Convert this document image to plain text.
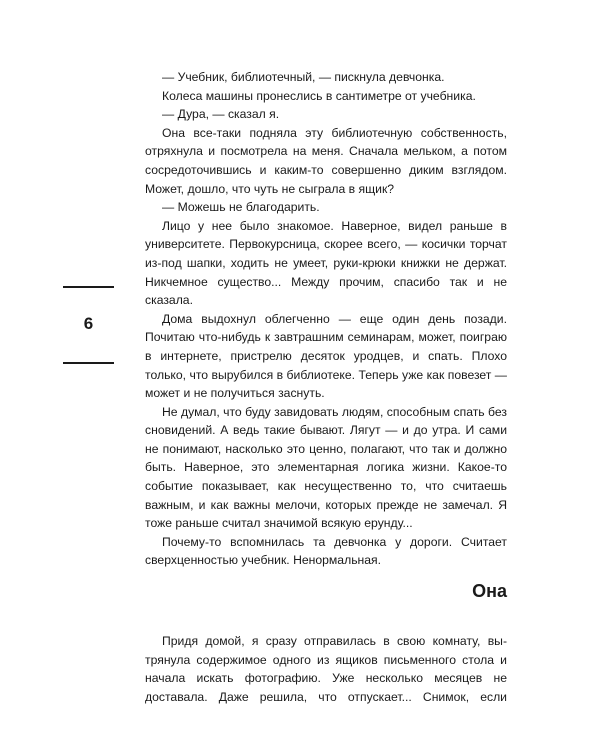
— Учебник, библиотечный, — пискнула девчонка.

Колеса машины пронеслись в сантиметре от учебника.

— Дура, — сказал я.

Она все-таки подняла эту библиотечную собственность, отряхнула и посмотрела на меня. Сначала мельком, а потом сосредоточившись и каким-то совершенно диким взглядом. Может, дошло, что чуть не сыграла в ящик?

— Можешь не благодарить.

Лицо у нее было знакомое. Наверное, видел раньше в университете. Первокурсница, скорее всего, — косички торчат из-под шапки, ходить не умеет, руки-крюки книжки не держат. Никчемное существо... Между прочим, спасибо так и не сказала.

Дома выдохнул облегченно — еще один день позади. Почитаю что-нибудь к завтрашним семинарам, может, поиграю в интернете, пристрелю десяток уродцев, и спать. Плохо только, что вырубился в библиотеке. Теперь уже как повезет — может и не получиться заснуть.

Не думал, что буду завидовать людям, способным спать без сновидений. А ведь такие бывают. Лягут — и до утра. И сами не понимают, насколько это ценно, полагают, что так и должно быть. Наверное, это элементарная логика жизни. Какое-то событие показывает, как несущественно то, что считаешь важным, и как важны мелочи, которых прежде не замечал. Я тоже раньше считал значимой всякую ерунду...

Почему-то вспомнилась та девчонка у дороги. Считает сверхценностью учебник. Ненормальная.

6
Она

Придя домой, я сразу отправилась в свою комнату, вытрянула содержимое одного из ящиков письменного стола и начала искать фотографию. Уже несколько месяцев не доставала. Даже решила, что отпускает... Снимок, если
